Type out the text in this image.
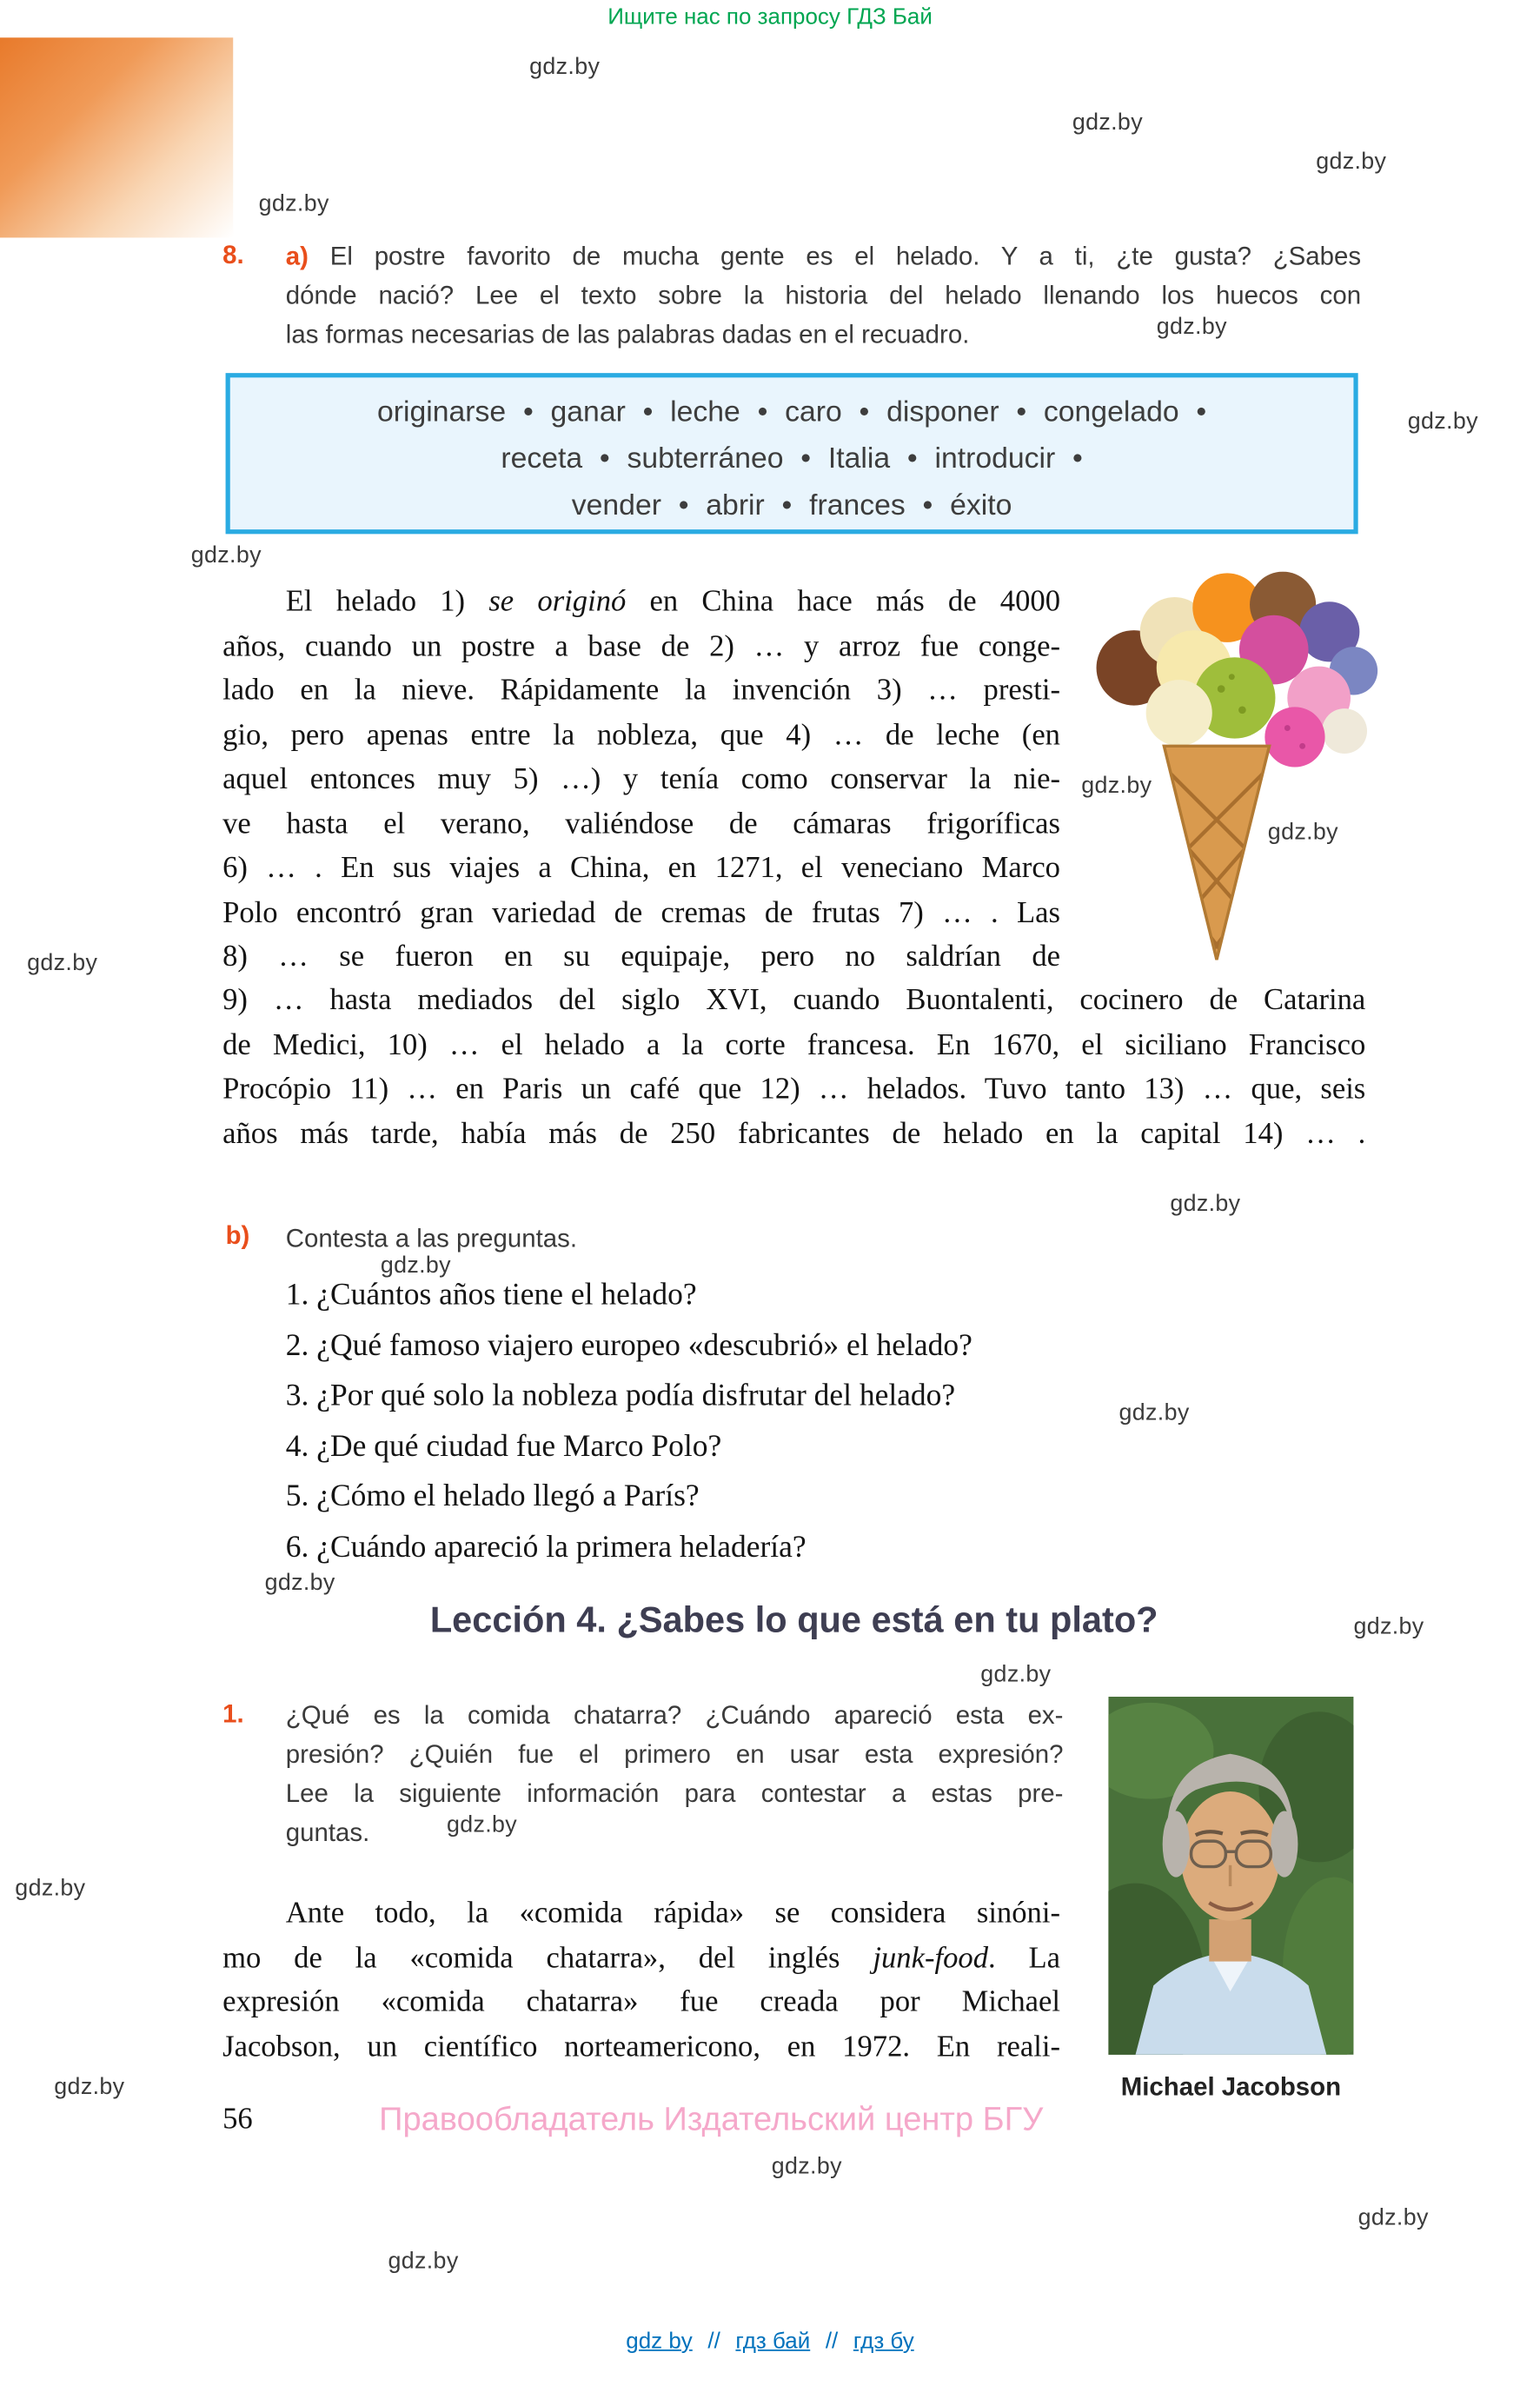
Ищите нас по запросу ГДЗ Бай
gdz.by
gdz.by
gdz.by
gdz.by
gdz.by
gdz.by
gdz.by
gdz.by
gdz.by
gdz.by
gdz.by
gdz.by
gdz.by
gdz.by
gdz.by
gdz.by
gdz.by
gdz.by
gdz.by
gdz.by
gdz.by
gdz.by
8.	a) El postre favorito de mucha gente es el helado. Y a ti, ¿te gusta? ¿Sabes
dónde nació? Lee el texto sobre la historia del helado llenando los huecos con
las formas necesarias de las palabras dadas en el recuadro.
originarse • ganar • leche • caro • disponer • congelado •
receta • subterráneo • Italia • introducir •
vender • abrir • frances • éxito
El helado 1) se originó en China hace más de 4000
años, cuando un postre a base de 2) … y arroz fue conge-
lado en la nieve. Rápidamente la invención 3) … presti-
gio, pero apenas entre la nobleza, que 4) … de leche (en
aquel entonces muy 5) …) y tenía como conservar la nie-
ve hasta el verano, valiéndose de cámaras frigoríficas
6) … . En sus viajes a China, en 1271, el veneciano Marco
Polo encontró gran variedad de cremas de frutas 7) … . Las
8) … se fueron en su equipaje, pero no saldrían de
9) … hasta mediados del siglo XVI, cuando Buontalenti, cocinero de Catarina
de Medici, 10) … el helado a la corte francesa. En 1670, el siciliano Francisco
Procópio 11) … en Paris un café que 12) … helados. Tuvo tanto 13) … que, seis
años más tarde, había más de 250 fabricantes de helado en la capital 14) … .
b) Contesta a las preguntas.
1. ¿Cuántos años tiene el helado?
2. ¿Qué famoso viajero europeo «descubrió» el helado?
3. ¿Por qué solo la nobleza podía disfrutar del helado?
4. ¿De qué ciudad fue Marco Polo?
5. ¿Cómo el helado llegó a París?
6. ¿Cuándo apareció la primera heladería?
Lección 4. ¿Sabes lo que está en tu plato?
1.	¿Qué es la comida chatarra? ¿Cuándo apareció esta ex-
presión? ¿Quién fue el primero en usar esta expresión?
Lee la siguiente información para contestar a estas pre-
guntas.
Michael Jacobson
Ante todo, la «comida rápida» se considera sinóni-
mo de la «comida chatarra», del inglés junk-food. La
expresión «comida chatarra» fue creada por Michael
Jacobson, un científico norteamericono, en 1972. En reali-
56	Правообладатель Издательский центр БГУ
gdz by // гдз бай // гдз бу
